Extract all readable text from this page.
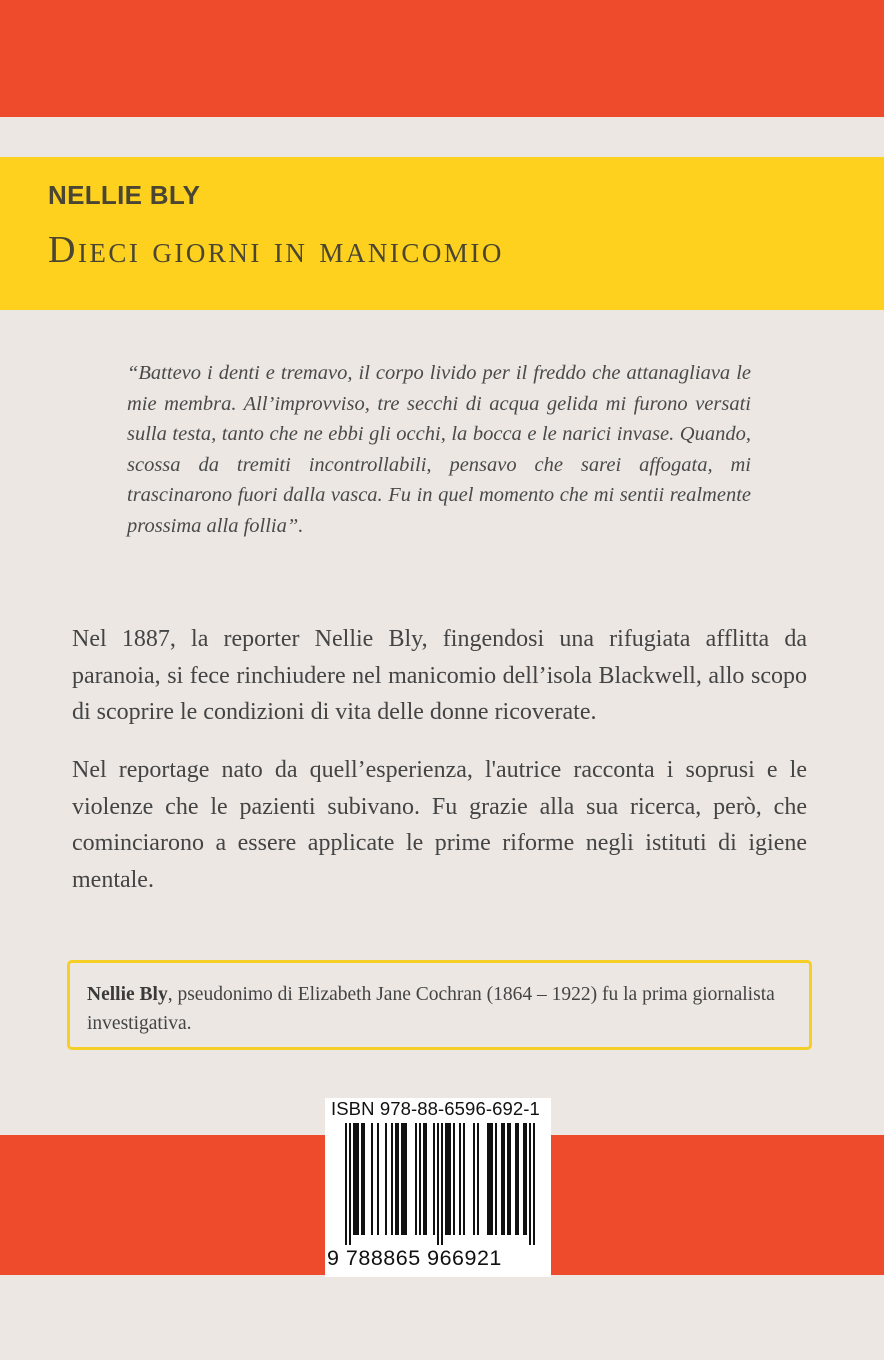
NELLIE BLY
Dieci giorni in manicomio

“Battevo i denti e tremavo, il corpo livido per il freddo che attanagliava le mie membra. All’improvviso, tre secchi di acqua gelida mi furono versati sulla testa, tanto che ne ebbi gli occhi, la bocca e le narici invase. Quando, scossa da tremiti incontrollabili, pensavo che sarei affogata, mi trascinarono fuori dalla vasca. Fu in quel momento che mi sentii realmente prossima alla follia”.

Nel 1887, la reporter Nellie Bly, fingendosi una rifugiata afflitta da paranoia, si fece rinchiudere nel manicomio dell’isola Blackwell, allo scopo di scoprire le condizioni di vita delle donne ricoverate.

Nel reportage nato da quell’esperienza, l'autrice racconta i soprusi e le violenze che le pazienti subivano. Fu grazie alla sua ricerca, però, che cominciarono a essere applicate le prime riforme negli istituti di igiene mentale.

Nellie Bly, pseudonimo di Elizabeth Jane Cochran (1864 – 1922) fu la prima giornalista investigativa.
ISBN 978-88-6596-692-1
9 788865 966921
